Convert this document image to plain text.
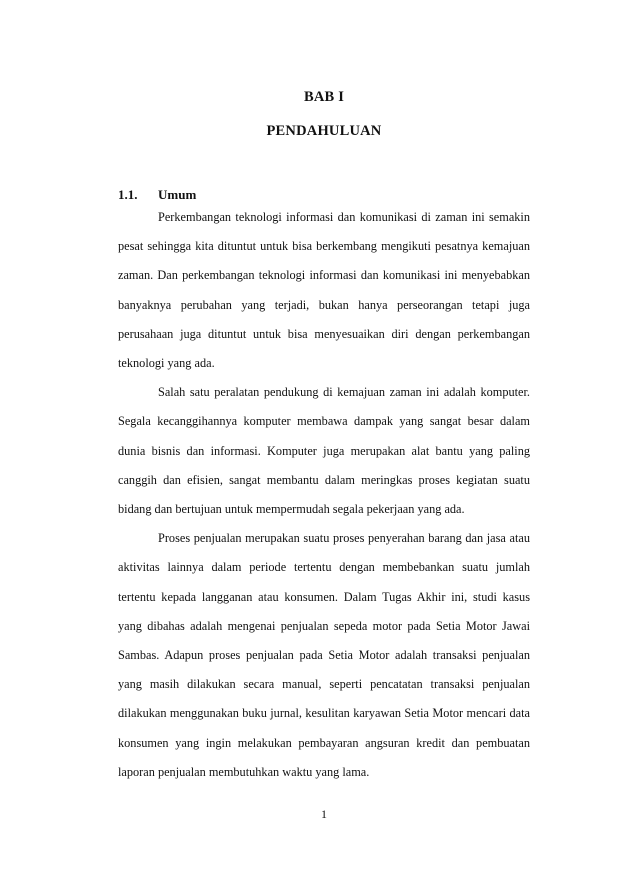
BAB I
PENDAHULUAN
1.1. Umum

Perkembangan teknologi informasi dan komunikasi di zaman ini semakin pesat sehingga kita dituntut untuk bisa berkembang mengikuti pesatnya kemajuan zaman. Dan perkembangan teknologi informasi dan komunikasi ini menyebabkan banyaknya perubahan yang terjadi, bukan hanya perseorangan tetapi juga perusahaan juga dituntut untuk bisa menyesuaikan diri dengan perkembangan teknologi yang ada.

Salah satu peralatan pendukung di kemajuan zaman ini adalah komputer. Segala kecanggihannya komputer membawa dampak yang sangat besar dalam dunia bisnis dan informasi. Komputer juga merupakan alat bantu yang paling canggih dan efisien, sangat membantu dalam meringkas proses kegiatan suatu bidang dan bertujuan untuk mempermudah segala pekerjaan yang ada.

Proses penjualan merupakan suatu proses penyerahan barang dan jasa atau aktivitas lainnya dalam periode tertentu dengan membebankan suatu jumlah tertentu kepada langganan atau konsumen. Dalam Tugas Akhir ini, studi kasus yang dibahas adalah mengenai penjualan sepeda motor pada Setia Motor Jawai Sambas. Adapun proses penjualan pada Setia Motor adalah transaksi penjualan yang masih dilakukan secara manual, seperti pencatatan transaksi penjualan dilakukan menggunakan buku jurnal, kesulitan karyawan Setia Motor mencari data konsumen yang ingin melakukan pembayaran angsuran kredit dan pembuatan laporan penjualan membutuhkan waktu yang lama.

1
